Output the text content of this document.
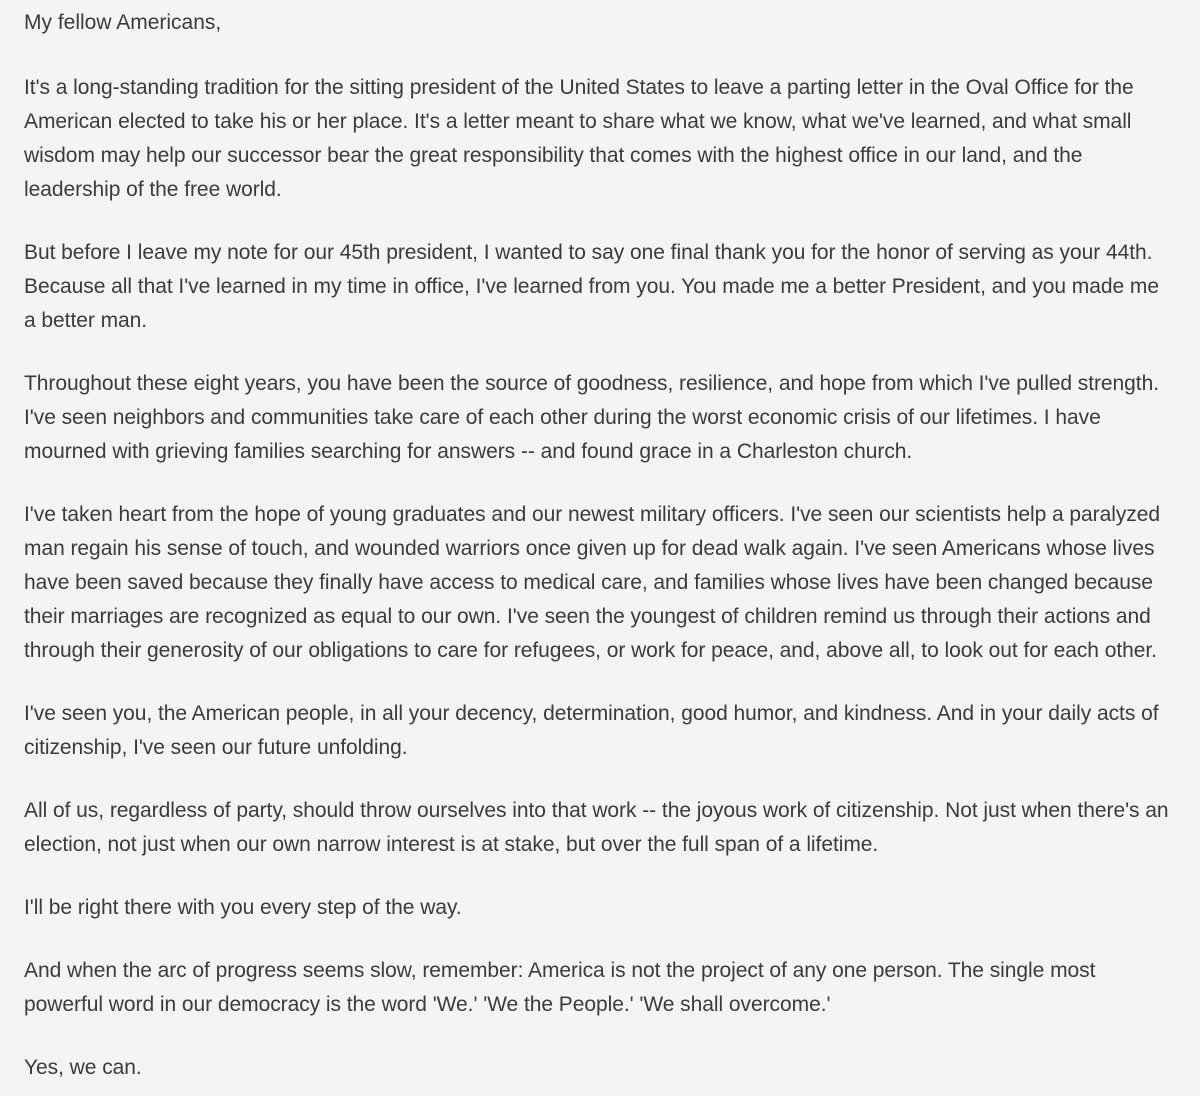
My fellow Americans,

It's a long-standing tradition for the sitting president of the United States to leave a parting letter in the Oval Office for the American elected to take his or her place. It's a letter meant to share what we know, what we've learned, and what small wisdom may help our successor bear the great responsibility that comes with the highest office in our land, and the leadership of the free world.

But before I leave my note for our 45th president, I wanted to say one final thank you for the honor of serving as your 44th. Because all that I've learned in my time in office, I've learned from you. You made me a better President, and you made me a better man.

Throughout these eight years, you have been the source of goodness, resilience, and hope from which I've pulled strength. I've seen neighbors and communities take care of each other during the worst economic crisis of our lifetimes. I have mourned with grieving families searching for answers -- and found grace in a Charleston church.

I've taken heart from the hope of young graduates and our newest military officers. I've seen our scientists help a paralyzed man regain his sense of touch, and wounded warriors once given up for dead walk again. I've seen Americans whose lives have been saved because they finally have access to medical care, and families whose lives have been changed because their marriages are recognized as equal to our own. I've seen the youngest of children remind us through their actions and through their generosity of our obligations to care for refugees, or work for peace, and, above all, to look out for each other.

I've seen you, the American people, in all your decency, determination, good humor, and kindness. And in your daily acts of citizenship, I've seen our future unfolding.

All of us, regardless of party, should throw ourselves into that work -- the joyous work of citizenship. Not just when there's an election, not just when our own narrow interest is at stake, but over the full span of a lifetime.

I'll be right there with you every step of the way.

And when the arc of progress seems slow, remember: America is not the project of any one person. The single most powerful word in our democracy is the word 'We.' 'We the People.' 'We shall overcome.'

Yes, we can.
